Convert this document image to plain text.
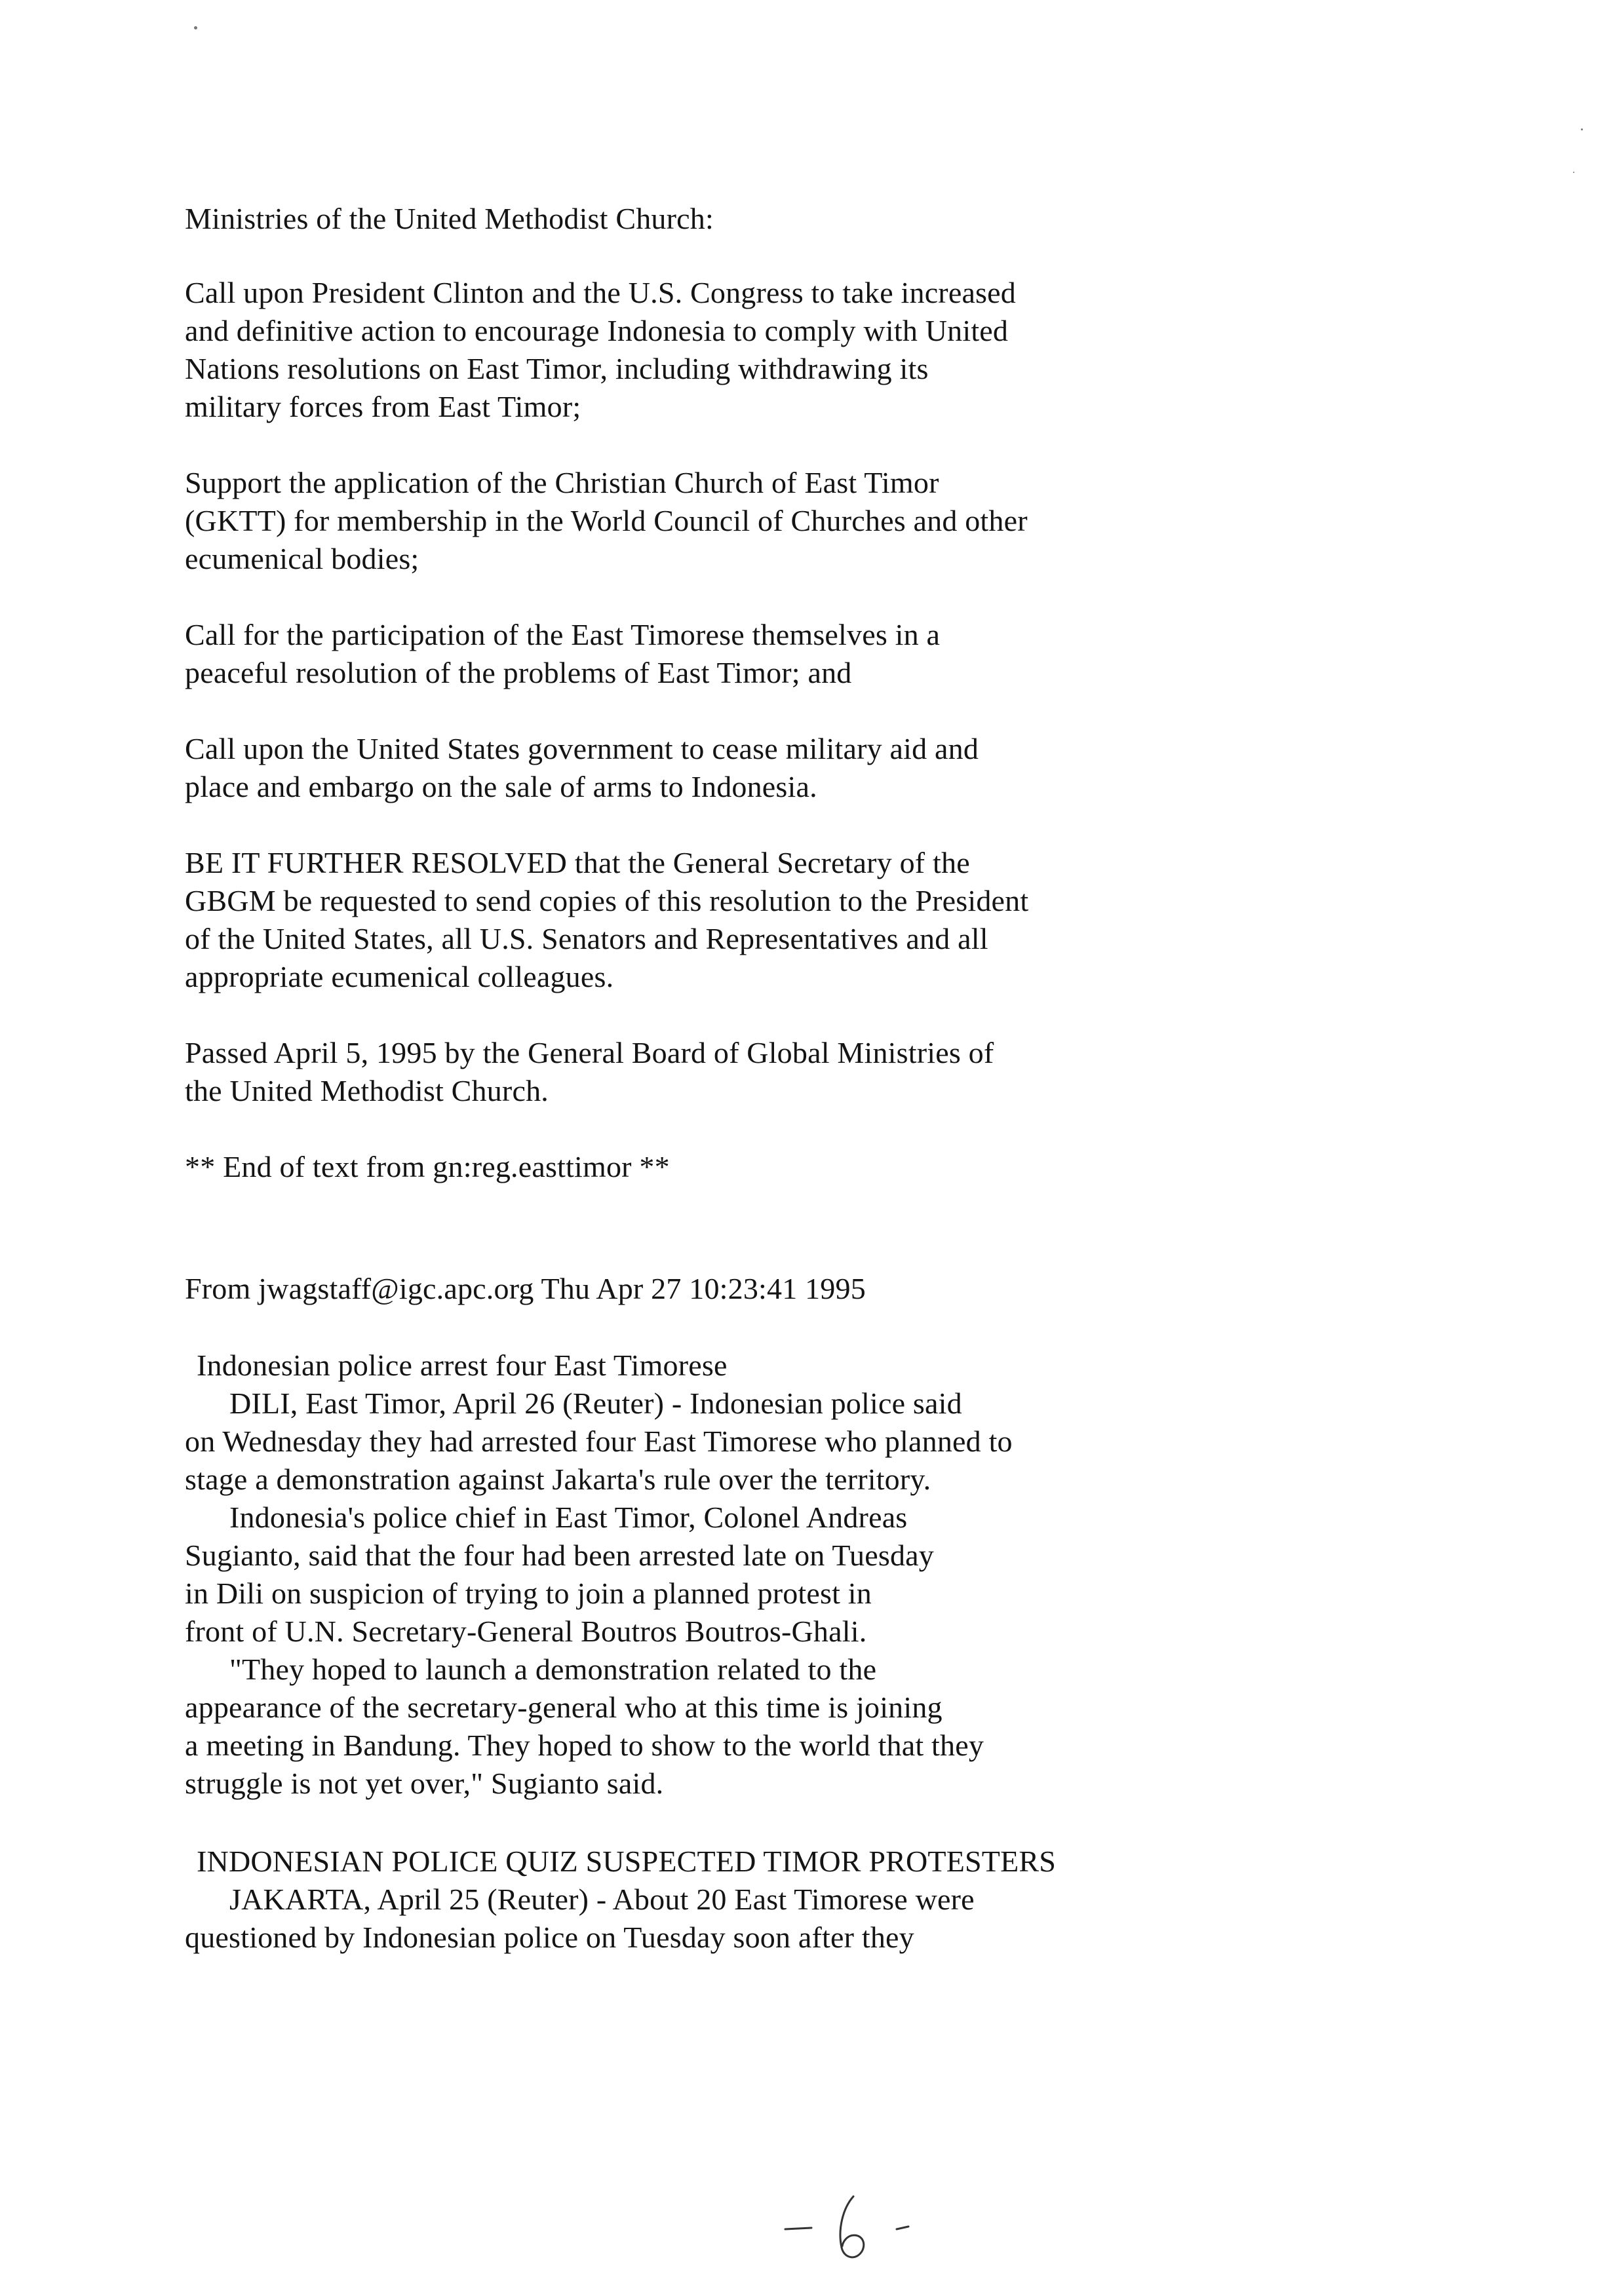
Ministries of the United Methodist Church:
Call upon President Clinton and the U.S. Congress to take increased
and definitive action to encourage Indonesia to comply with United
Nations resolutions on East Timor, including withdrawing its
military forces from East Timor;
Support the application of the Christian Church of East Timor
(GKTT) for membership in the World Council of Churches and other
ecumenical bodies;
Call for the participation of the East Timorese themselves in a
peaceful resolution of the problems of East Timor; and
Call upon the United States government to cease military aid and
place and embargo on the sale of arms to Indonesia.
BE IT FURTHER RESOLVED that the General Secretary of the
GBGM be requested to send copies of this resolution to the President
of the United States, all U.S. Senators and Representatives and all
appropriate ecumenical colleagues.
Passed April 5, 1995 by the General Board of Global Ministries of
the United Methodist Church.
** End of text from gn:reg.easttimor **
From jwagstaff@igc.apc.org Thu Apr 27 10:23:41 1995
Indonesian police arrest four East Timorese
DILI, East Timor, April 26 (Reuter) - Indonesian police said
on Wednesday they had arrested four East Timorese who planned to
stage a demonstration against Jakarta's rule over the territory.
Indonesia's police chief in East Timor, Colonel Andreas
Sugianto, said that the four had been arrested late on Tuesday
in Dili on suspicion of trying to join a planned protest in
front of U.N. Secretary-General Boutros Boutros-Ghali.
"They hoped to launch a demonstration related to the
appearance of the secretary-general who at this time is joining
a meeting in Bandung. They hoped to show to the world that they
struggle is not yet over," Sugianto said.
INDONESIAN POLICE QUIZ SUSPECTED TIMOR PROTESTERS
JAKARTA, April 25 (Reuter) - About 20 East Timorese were
questioned by Indonesian police on Tuesday soon after they
